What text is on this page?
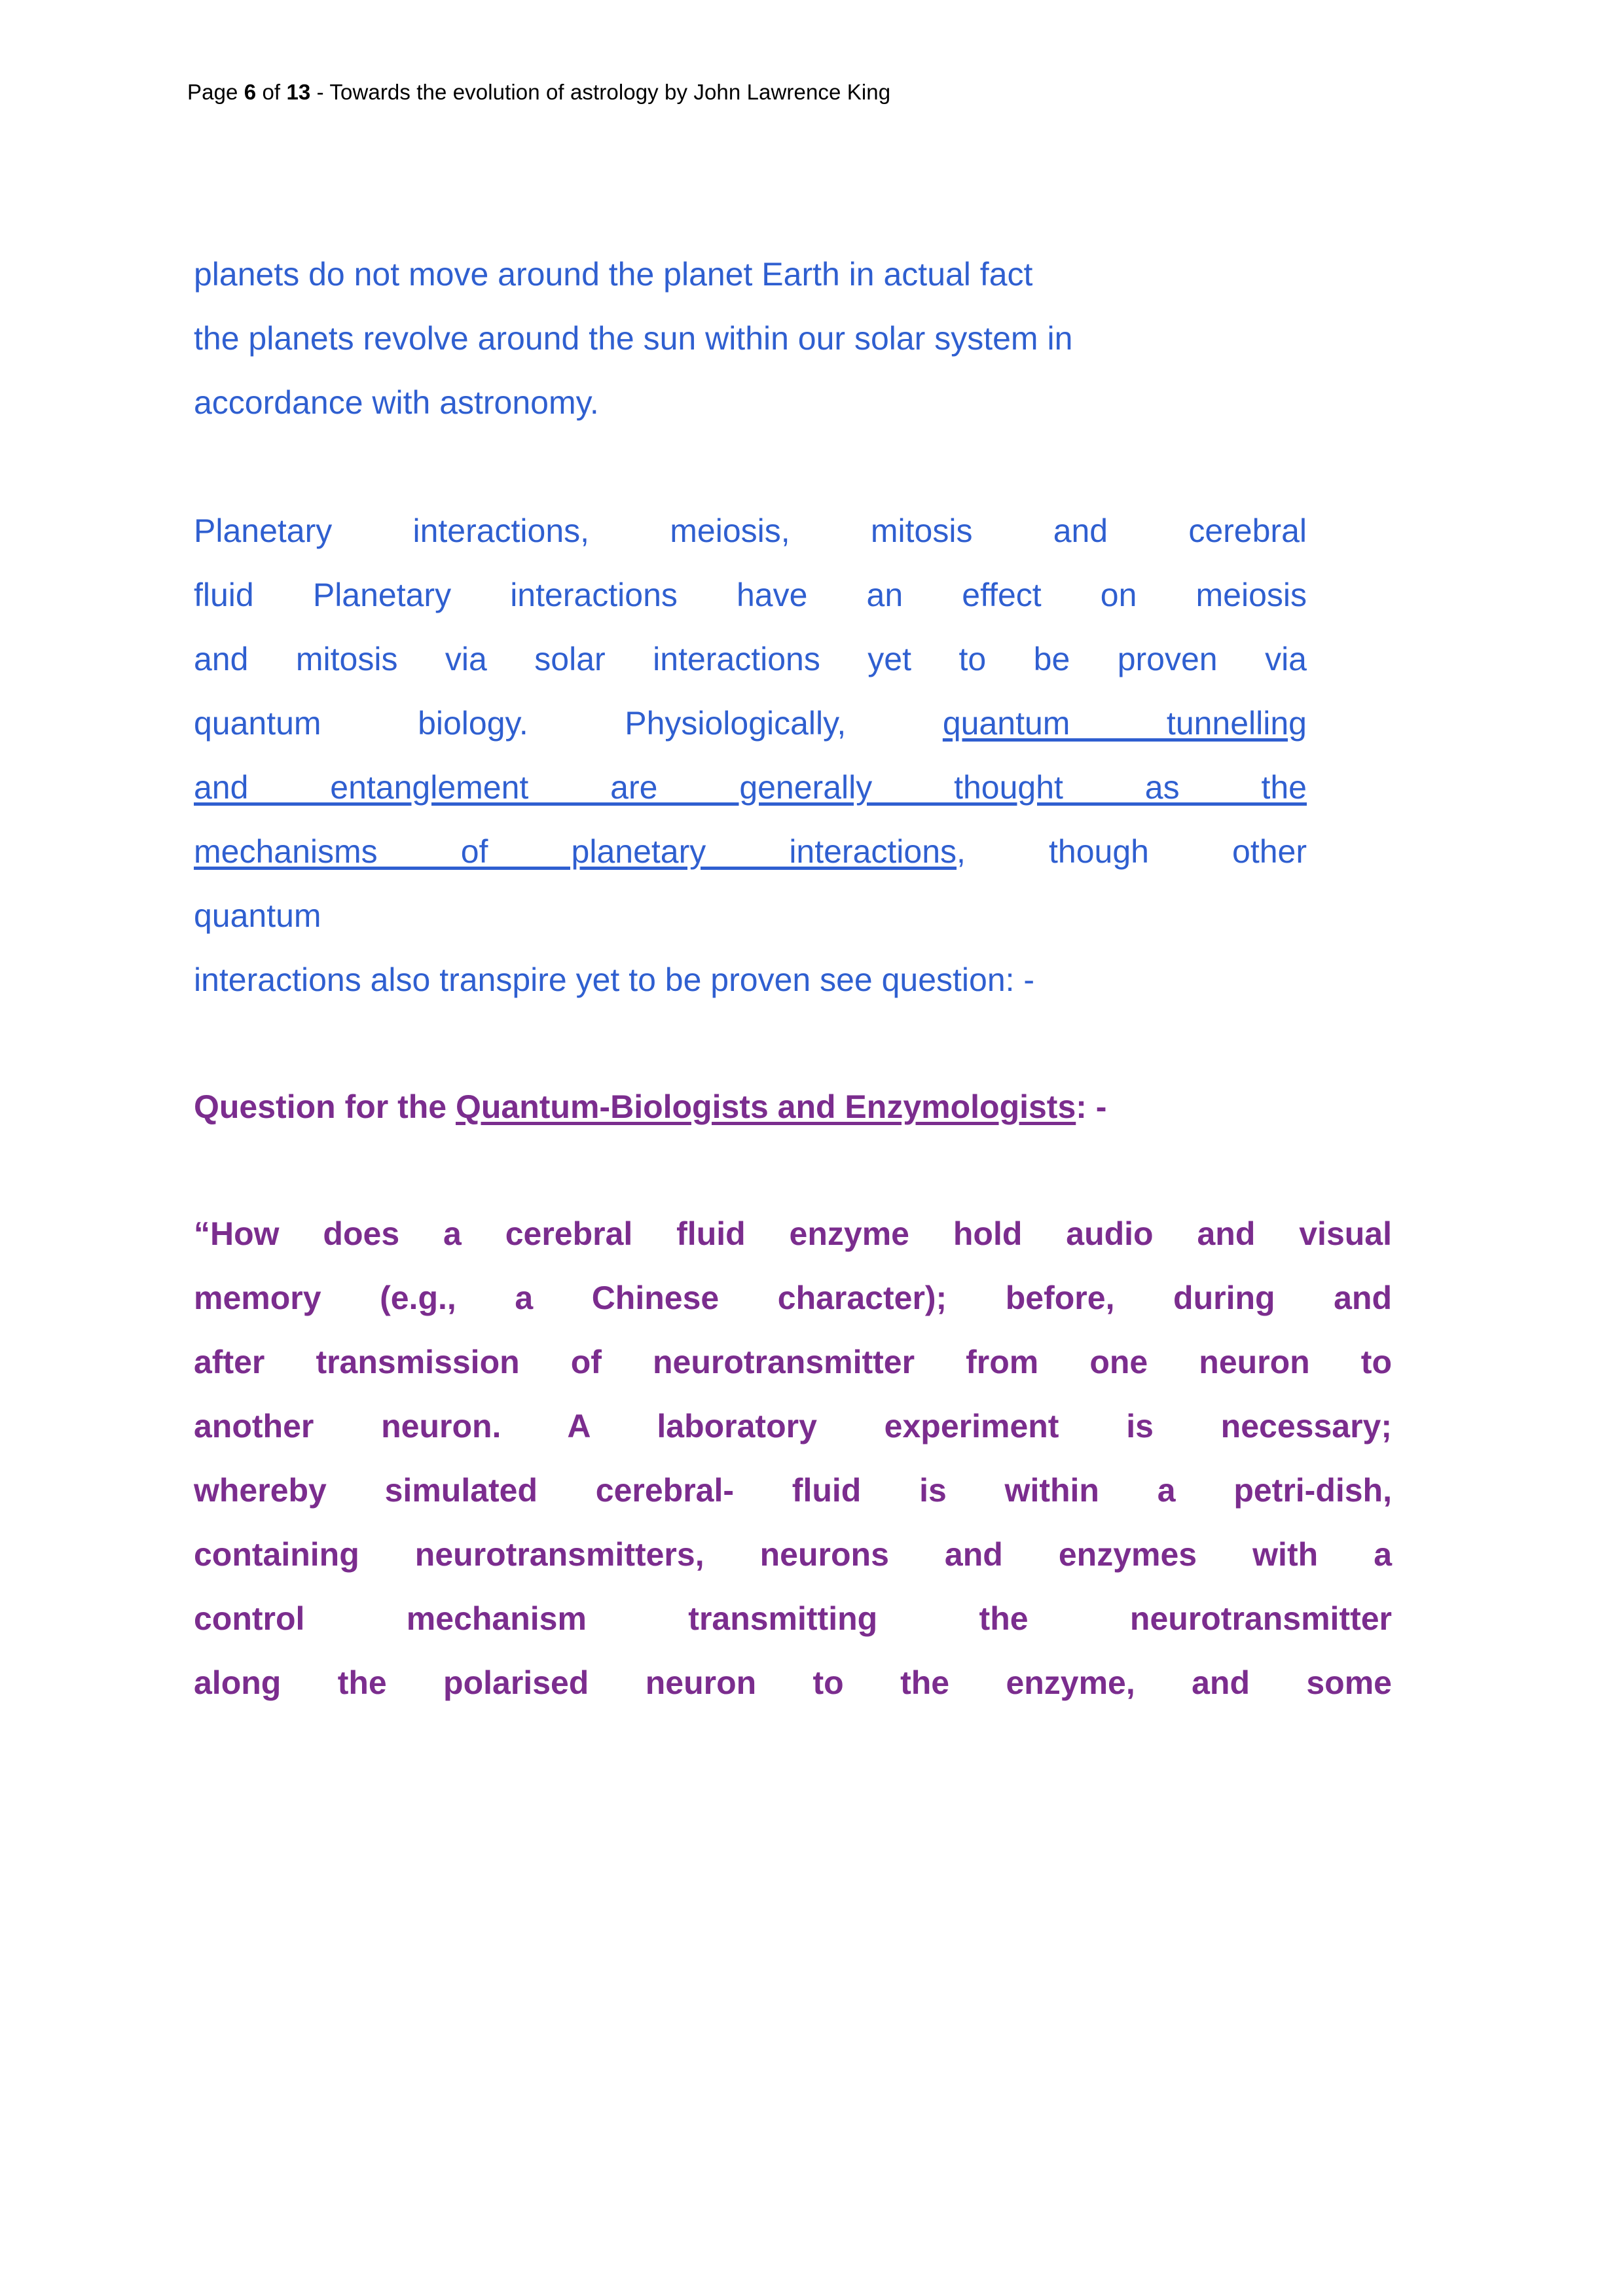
Page 6 of 13 - Towards the evolution of astrology by John Lawrence King
planets do not move around the planet Earth in actual fact
the planets revolve around the sun within our solar system in
accordance with astronomy.
Planetary interactions, meiosis, mitosis and cerebral
fluid Planetary interactions have an effect on meiosis
and mitosis via solar interactions yet to be proven via
quantum biology. Physiologically, quantum tunnelling
and entanglement are generally thought as the
mechanisms of planetary interactions, though other
quantum
interactions also transpire yet to be proven see question: -
Question for the Quantum-Biologists and Enzymologists: -
“How does a cerebral fluid enzyme hold audio and visual
memory (e.g., a Chinese character); before, during and
after transmission of neurotransmitter from one neuron to
another neuron. A laboratory experiment is necessary;
whereby simulated cerebral- fluid is within a petri-dish,
containing neurotransmitters, neurons and enzymes with a
control mechanism transmitting the neurotransmitter
along the polarised neuron to the enzyme, and some
